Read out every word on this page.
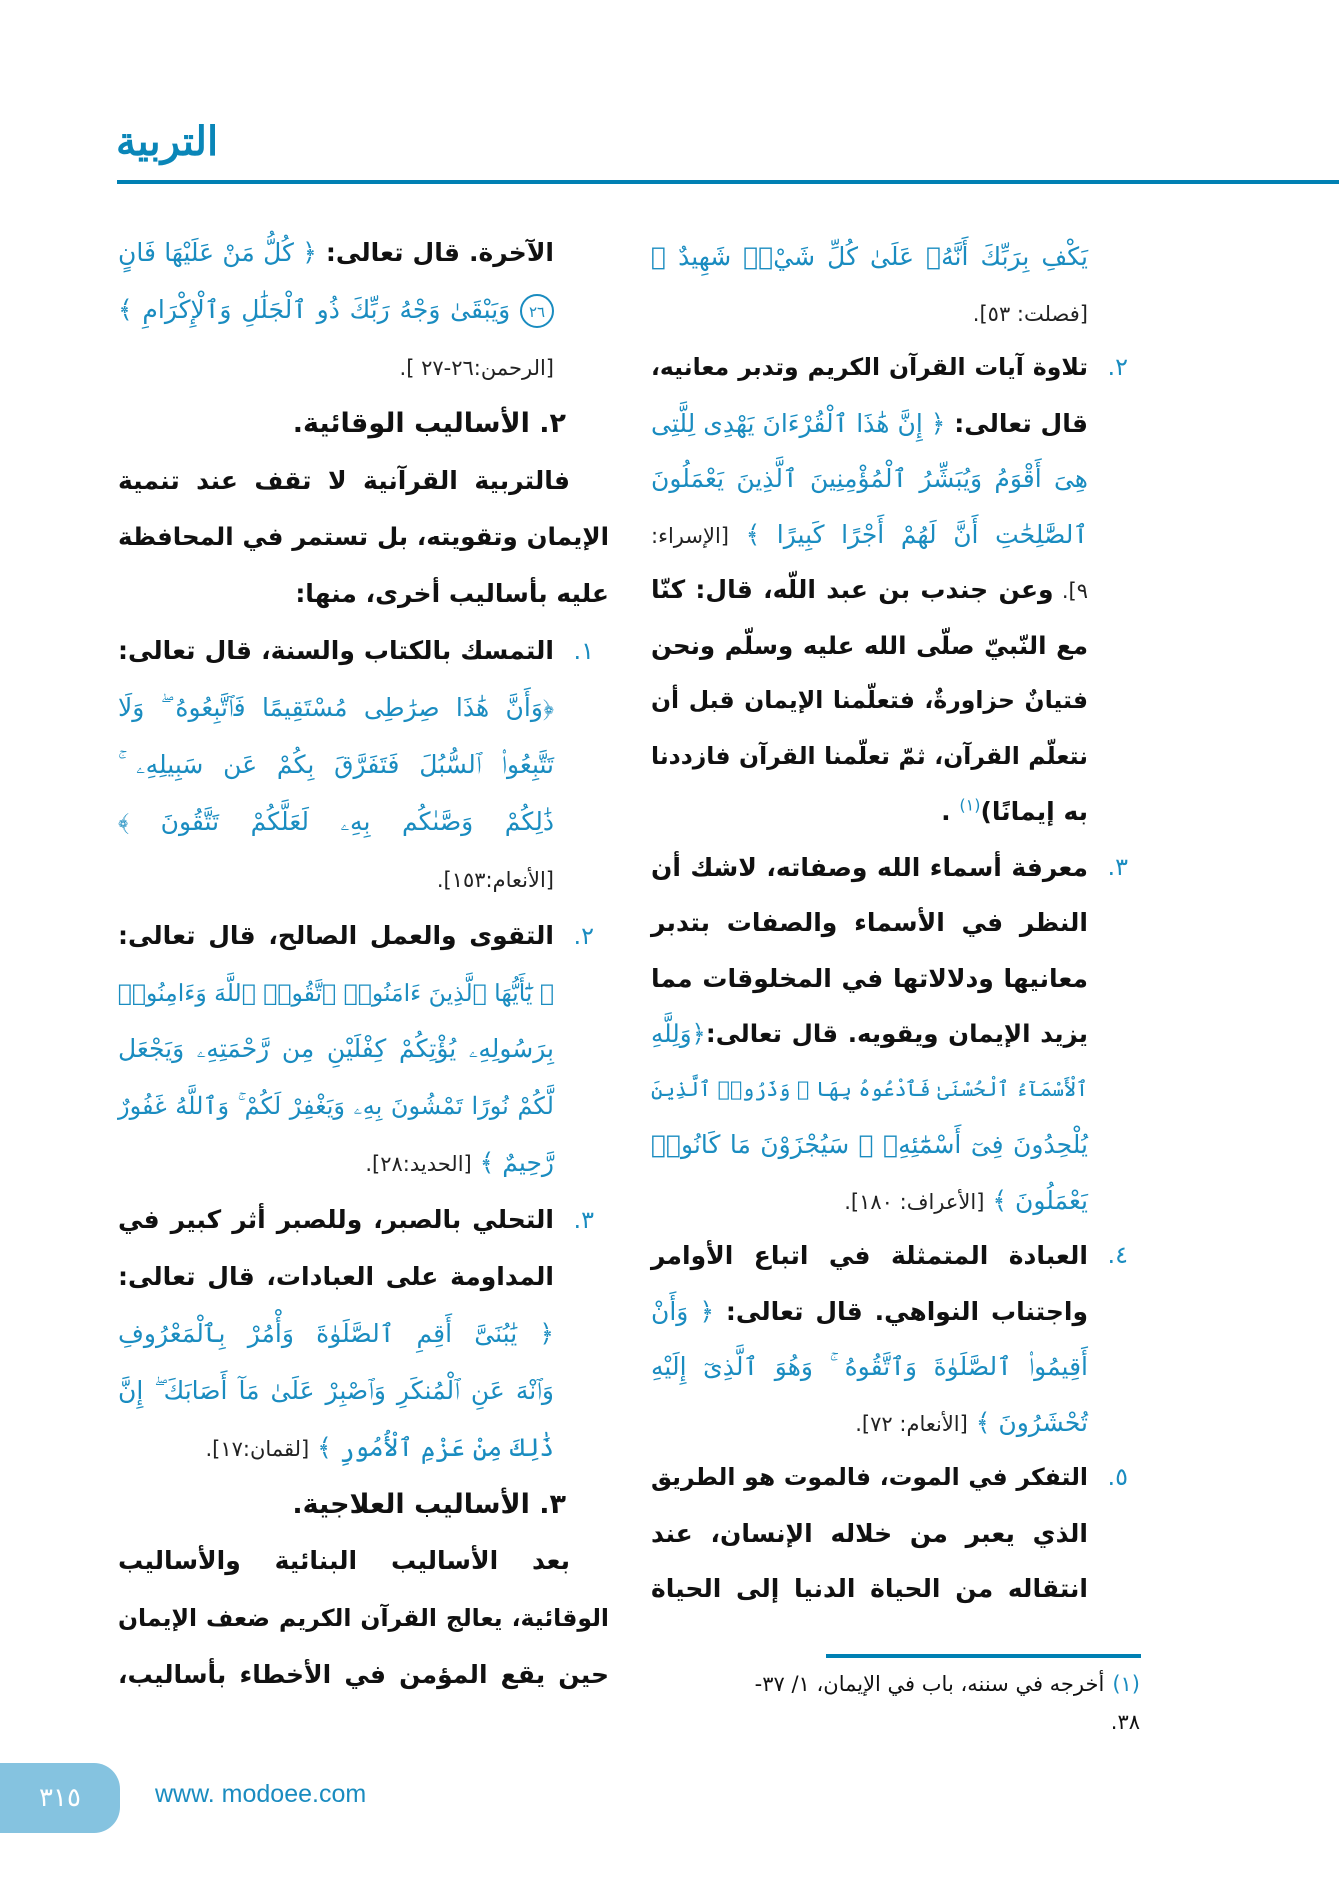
التربية
يَكْفِ بِرَبِّكَ أَنَّهُۥ عَلَىٰ كُلِّ شَيْءٖ شَهِيدٌ ﴾
[فصلت: ٥٣].
تلاوة آيات القرآن الكريم وتدبر معانيه، ٢.
قال تعالى: ﴿ إِنَّ هَٰذَا ٱلْقُرْءَانَ يَهْدِى لِلَّتِى
هِىَ أَقْوَمُ وَيُبَشِّرُ ٱلْمُؤْمِنِينَ ٱلَّذِينَ يَعْمَلُونَ
ٱلصَّٰلِحَٰتِ أَنَّ لَهُمْ أَجْرًا كَبِيرًا ﴾ [الإسراء:
٩]. وعن جندب بن عبد اللّه، قال: كنّا
مع النّبيّ صلّى الله عليه وسلّم ونحن
فتيانٌ حزاورةٌ، فتعلّمنا الإيمان قبل أن
نتعلّم القرآن، ثمّ تعلّمنا القرآن فازددنا
به إيمانًا)$^{(١)}$ .
معرفة أسماء الله وصفاته، لاشك أن ٣.
النظر في الأسماء والصفات بتدبر
معانيها ودلالاتها في المخلوقات مما
يزيد الإيمان ويقويه. قال تعالى:﴿وَلِلَّهِ
ٱلْأَسْمَآءُ ٱلْحُسْنَىٰ فَٱدْعُوهُ بِهَا ۖ وَذَرُوا۟ ٱلَّذِينَ
يُلْحِدُونَ فِىٓ أَسْمَٰٓئِهِۦ ۚ سَيُجْزَوْنَ مَا كَانُوا۟
يَعْمَلُونَ ﴾ [الأعراف: ١٨٠].
العبادة المتمثلة في اتباع الأوامر ٤.
واجتناب النواهي. قال تعالى: ﴿ وَأَنْ
أَقِيمُوا۟ ٱلصَّلَوٰةَ وَٱتَّقُوهُ ۚ وَهُوَ ٱلَّذِىٓ إِلَيْهِ
تُحْشَرُونَ ﴾ [الأنعام: ٧٢].
التفكر في الموت، فالموت هو الطريق ٥.
الذي يعبر من خلاله الإنسان، عند
انتقاله من الحياة الدنيا إلى الحياة
الآخرة. قال تعالى: ﴿ كُلُّ مَنْ عَلَيْهَا فَانٍ
٢٦ وَيَبْقَىٰ وَجْهُ رَبِّكَ ذُو ٱلْجَلَٰلِ وَٱلْإِكْرَامِ ﴾
[الرحمن:٢٦-٢٧ ].
٢. الأساليب الوقائية.
فالتربية القرآنية لا تقف عند تنمية
الإيمان وتقويته، بل تستمر في المحافظة
عليه بأساليب أخرى، منها:
التمسك بالكتاب والسنة، قال تعالى: ١.
﴿وَأَنَّ هَٰذَا صِرَٰطِى مُسْتَقِيمًا فَٱتَّبِعُوهُ ۖ وَلَا
تَتَّبِعُوا۟ ٱلسُّبُلَ فَتَفَرَّقَ بِكُمْ عَن سَبِيلِهِۦ ۚ
ذَٰلِكُمْ وَصَّىٰكُم بِهِۦ لَعَلَّكُمْ تَتَّقُونَ ﴾
[الأنعام:١٥٣].
التقوى والعمل الصالح، قال تعالى: ٢.
﴿ يَٰٓأَيُّهَا ٱلَّذِينَ ءَامَنُوا۟ ٱتَّقُوا۟ ٱللَّهَ وَءَامِنُوا۟
بِرَسُولِهِۦ يُؤْتِكُمْ كِفْلَيْنِ مِن رَّحْمَتِهِۦ وَيَجْعَل
لَّكُمْ نُورًا تَمْشُونَ بِهِۦ وَيَغْفِرْ لَكُمْ ۚ وَٱللَّهُ غَفُورٌ
رَّحِيمٌ ﴾ [الحديد:٢٨].
التحلي بالصبر، وللصبر أثر كبير في ٣.
المداومة على العبادات، قال تعالى:
﴿ يَٰبُنَىَّ أَقِمِ ٱلصَّلَوٰةَ وَأْمُرْ بِٱلْمَعْرُوفِ
وَٱنْهَ عَنِ ٱلْمُنكَرِ وَٱصْبِرْ عَلَىٰ مَآ أَصَابَكَ ۖ إِنَّ
ذَٰلِكَ مِنْ عَزْمِ ٱلْأُمُورِ ﴾ [لقمان:١٧].
٣. الأساليب العلاجية.
بعد الأساليب البنائية والأساليب
الوقائية، يعالج القرآن الكريم ضعف الإيمان
حين يقع المؤمن في الأخطاء بأساليب،	(١)أخرجه في سننه، باب في الإيمان، ١/ ٣٧-
٣٨.
٣١٥	www. modoee.com
